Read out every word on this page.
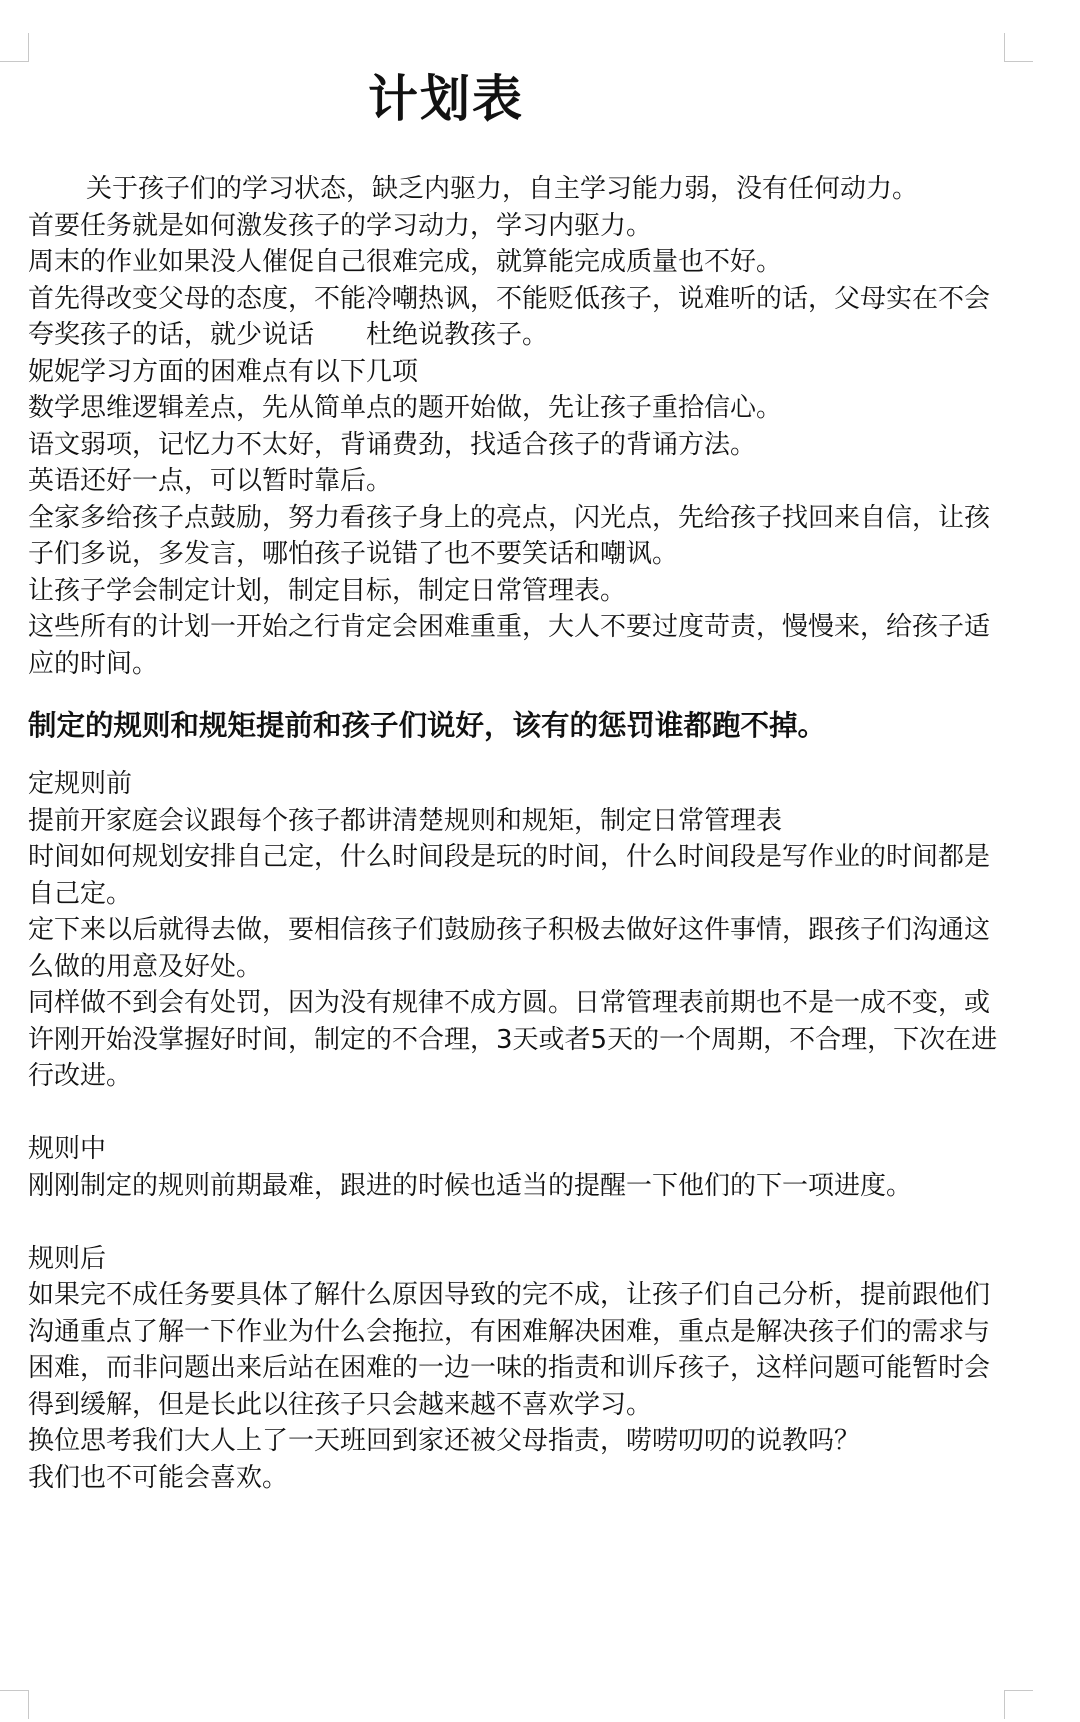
计划表

关于孩子们的学习状态，缺乏内驱力，自主学习能力弱，没有任何动力。

首要任务就是如何激发孩子的学习动力，学习内驱力。

周末的作业如果没人催促自己很难完成，就算能完成质量也不好。

首先得改变父母的态度，不能冷嘲热讽，不能贬低孩子，说难听的话，父母实在不会夸奖孩子的话，就少说话　　杜绝说教孩子。

妮妮学习方面的困难点有以下几项

数学思维逻辑差点，先从简单点的题开始做，先让孩子重拾信心。

语文弱项，记忆力不太好，背诵费劲，找适合孩子的背诵方法。

英语还好一点，可以暂时靠后。

全家多给孩子点鼓励，努力看孩子身上的亮点，闪光点，先给孩子找回来自信，让孩子们多说，多发言，哪怕孩子说错了也不要笑话和嘲讽。

让孩子学会制定计划，制定目标，制定日常管理表。

这些所有的计划一开始之行肯定会困难重重，大人不要过度苛责，慢慢来，给孩子适应的时间。

制定的规则和规矩提前和孩子们说好，该有的惩罚谁都跑不掉。

定规则前

提前开家庭会议跟每个孩子都讲清楚规则和规矩，制定日常管理表

时间如何规划安排自己定，什么时间段是玩的时间，什么时间段是写作业的时间都是自己定。

定下来以后就得去做，要相信孩子们鼓励孩子积极去做好这件事情，跟孩子们沟通这么做的用意及好处。

同样做不到会有处罚，因为没有规律不成方圆。日常管理表前期也不是一成不变，或许刚开始没掌握好时间，制定的不合理，3天或者5天的一个周期，不合理，下次在进行改进。

规则中

刚刚制定的规则前期最难，跟进的时候也适当的提醒一下他们的下一项进度。

规则后

如果完不成任务要具体了解什么原因导致的完不成，让孩子们自己分析，提前跟他们沟通重点了解一下作业为什么会拖拉，有困难解决困难，重点是解决孩子们的需求与困难，而非问题出来后站在困难的一边一味的指责和训斥孩子，这样问题可能暂时会得到缓解，但是长此以往孩子只会越来越不喜欢学习。

换位思考我们大人上了一天班回到家还被父母指责，唠唠叨叨的说教吗？

我们也不可能会喜欢。
